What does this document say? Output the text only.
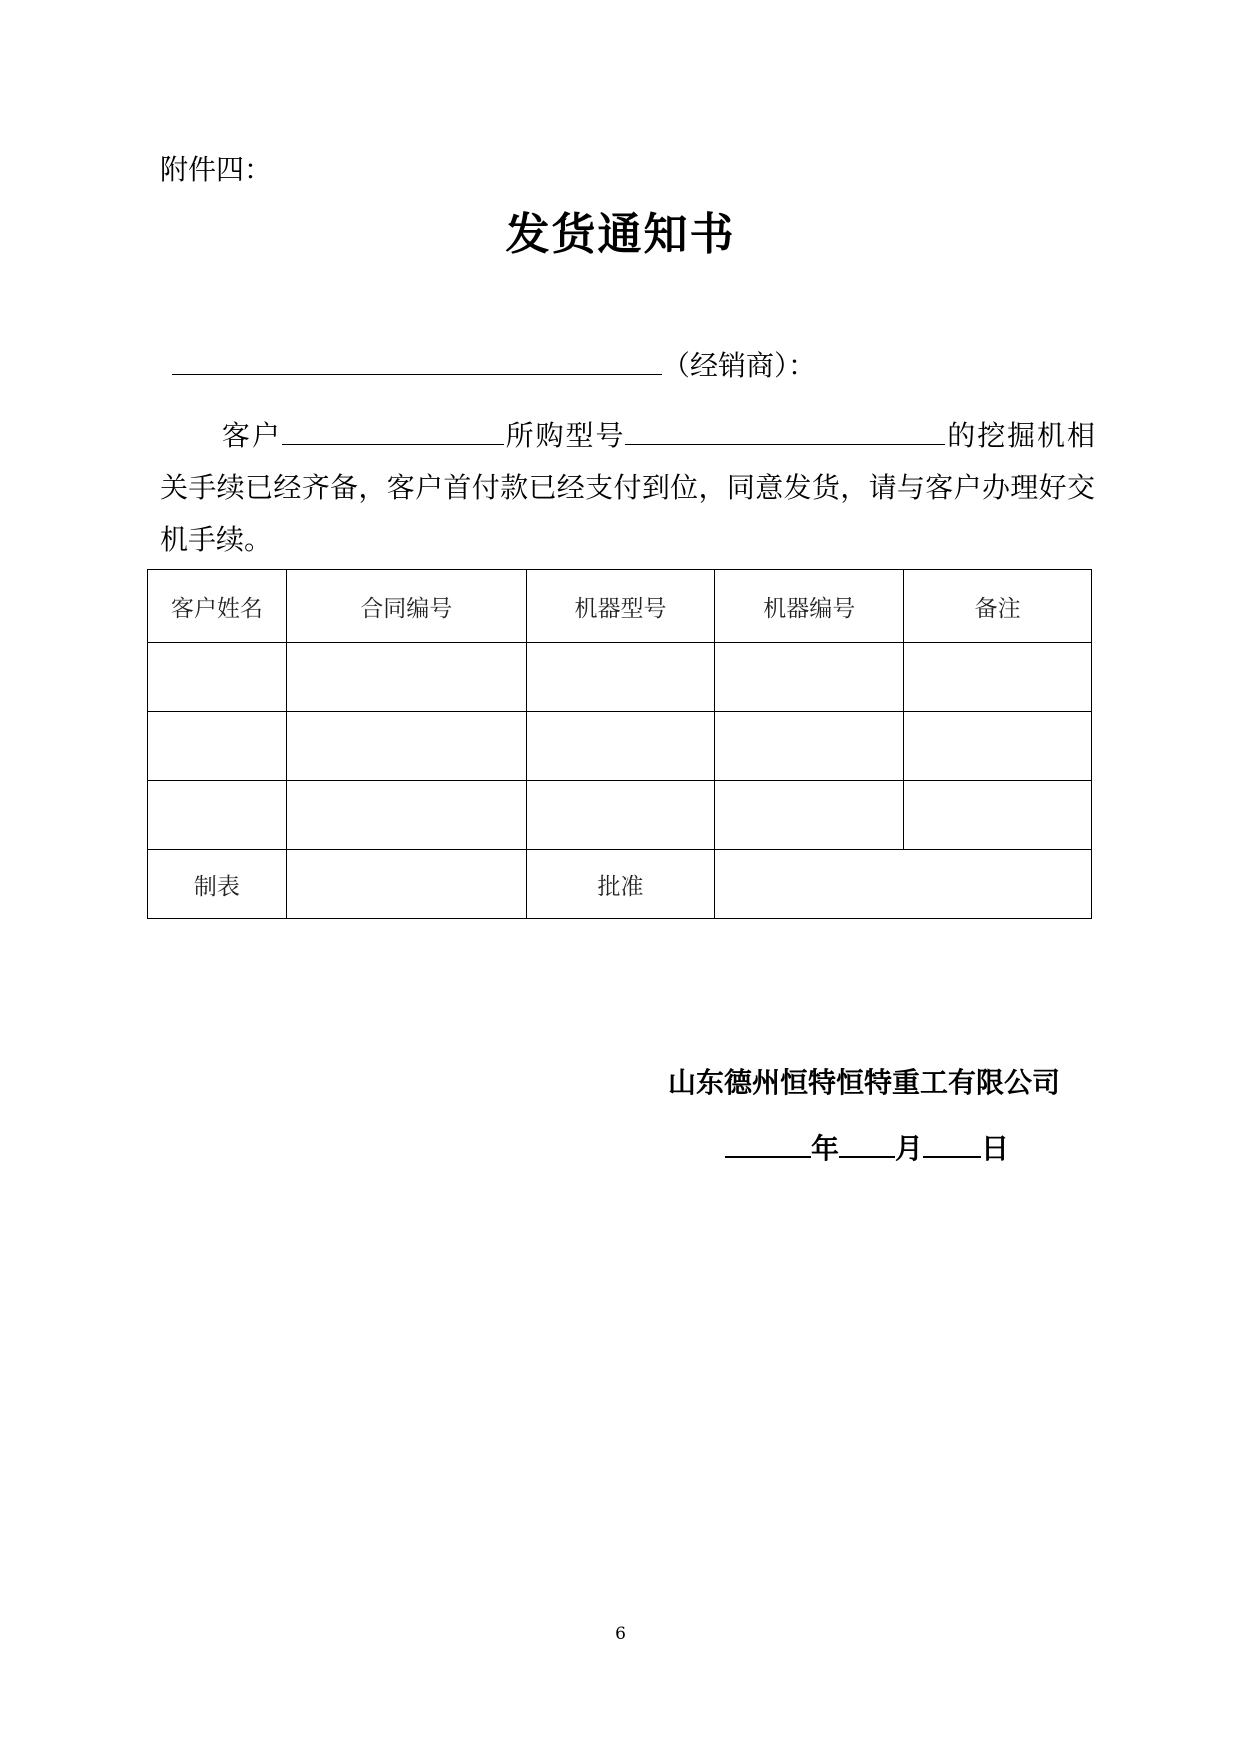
附件四：
发货通知书
（经销商）：
客户	所购型号	的挖掘机相关手续已经齐备，客户首付款已经支付到位，同意发货，请与客户办理好交机手续。
客户姓名	合同编号	机器型号	机器编号	备注

制表		批准		
山东德州恒特恒特重工有限公司
年 月 日
6
